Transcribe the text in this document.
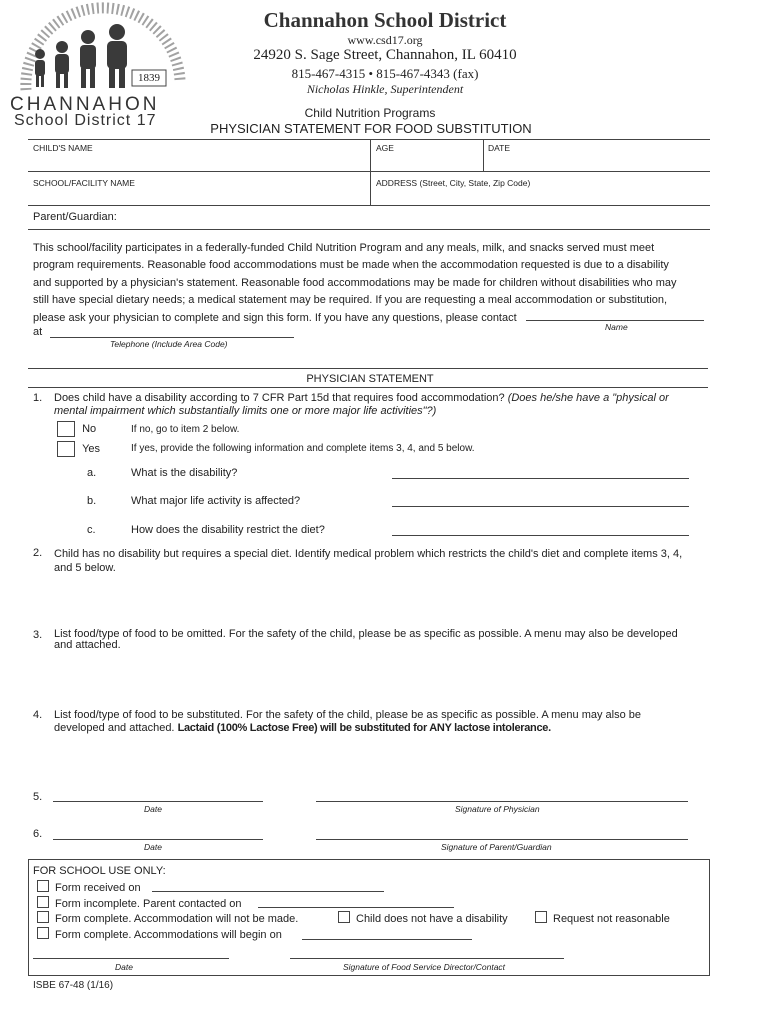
1839
CHANNAHON
School District 17
Channahon School District
www.csd17.org
24920 S. Sage Street, Channahon, IL 60410
815-467-4315 • 815-467-4343 (fax)
Nicholas Hinkle, Superintendent
Child Nutrition Programs
PHYSICIAN STATEMENT FOR FOOD SUBSTITUTION
CHILD'S NAME	AGE	DATE
SCHOOL/FACILITY NAME	ADDRESS (Street, City, State, Zip Code)
Parent/Guardian:
This school/facility participates in a federally-funded Child Nutrition Program and any meals, milk, and snacks served must meet
program requirements. Reasonable food accommodations must be made when the accommodation requested is due to a disability
and supported by a physician's statement. Reasonable food accommodations may be made for children without disabilities who may
still have special dietary needs; a medical statement may be required. If you are requesting a meal accommodation or substitution,
please ask your physician to complete and sign this form. If you have any questions, please contact
Name
at
Telephone (Include Area Code)
PHYSICIAN STATEMENT
1. Does child have a disability according to 7 CFR Part 15d that requires food accommodation? (Does he/she have a "physical or
mental impairment which substantially limits one or more major life activities"?)
No	If no, go to item 2 below.
Yes	If yes, provide the following information and complete items 3, 4, and 5 below.
a.	What is the disability?
b.	What major life activity is affected?
c.	How does the disability restrict the diet?
2. Child has no disability but requires a special diet. Identify medical problem which restricts the child's diet and complete items 3, 4,
and 5 below.
3. List food/type of food to be omitted. For the safety of the child, please be as specific as possible. A menu may also be developed
and attached.
4. List food/type of food to be substituted. For the safety of the child, please be as specific as possible. A menu may also be
developed and attached. Lactaid (100% Lactose Free) will be substituted for ANY lactose intolerance.
5.
Date	Signature of Physician
6.
Date	Signature of Parent/Guardian
FOR SCHOOL USE ONLY:
Form received on
Form incomplete. Parent contacted on
Form complete. Accommodation will not be made.	Child does not have a disability	Request not reasonable
Form complete. Accommodations will begin on
Date	Signature of Food Service Director/Contact
ISBE 67-48 (1/16)
